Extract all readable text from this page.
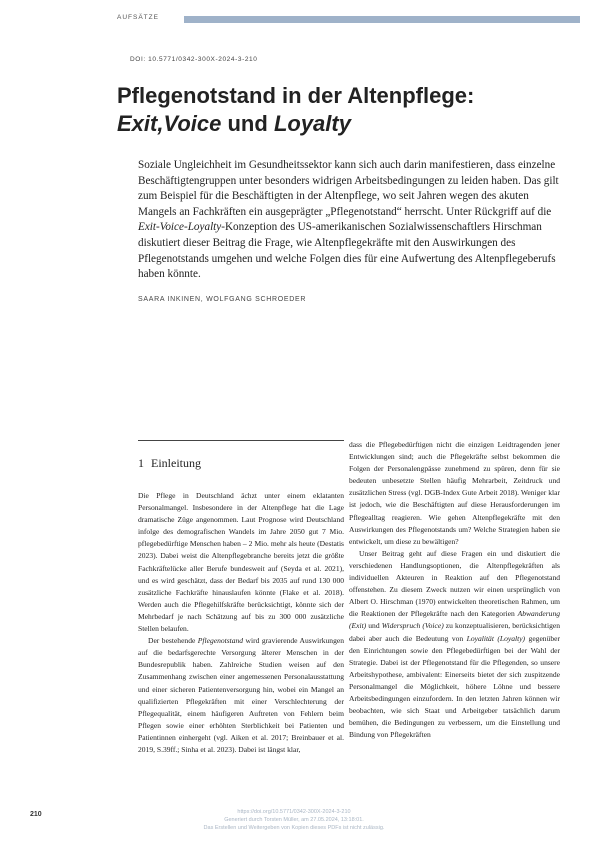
AUFSÄTZE
DOI: 10.5771/0342-300X-2024-3-210
Pflegenotstand in der Altenpflege:
Exit,Voice und Loyalty

Soziale Ungleichheit im Gesundheitssektor kann sich auch darin manifestieren, dass einzelne Beschäftigtengruppen unter besonders widrigen Arbeitsbedingungen zu leiden haben. Das gilt zum Beispiel für die Beschäftigten in der Altenpflege, wo seit Jahren wegen des akuten Mangels an Fachkräften ein ausgeprägter „Pflegenotstand“ herrscht. Unter Rückgriff auf die Exit-Voice-Loyalty-Konzeption des US-amerikanischen Sozialwissenschaftlers Hirschman diskutiert dieser Beitrag die Frage, wie Altenpflegekräfte mit den Auswirkungen des Pflegenotstands umgehen und welche Folgen dies für eine Aufwertung des Altenpflegeberufs haben könnte.

SAARA INKINEN, WOLFGANG SCHROEDER
1 Einleitung

Die Pflege in Deutschland ächzt unter einem eklatanten Personalmangel. Insbesondere in der Altenpflege hat die Lage dramatische Züge angenommen. Laut Prognose wird Deutschland infolge des demografischen Wandels im Jahre 2050 gut 7 Mio. pflegebedürftige Menschen haben – 2 Mio. mehr als heute (Destatis 2023). Dabei weist die Altenpflegebranche bereits jetzt die größte Fachkräftelücke aller Berufe bundesweit auf (Seyda et al. 2021), und es wird geschätzt, dass der Bedarf bis 2035 auf rund 130 000 zusätzliche Fachkräfte hinauslaufen könnte (Flake et al. 2018). Werden auch die Pflegehilfskräfte berücksichtigt, könnte sich der Mehrbedarf je nach Schätzung auf bis zu 300 000 zusätzliche Stellen belaufen.

Der bestehende Pflegenotstand wird gravierende Auswirkungen auf die bedarfsgerechte Versorgung älterer Menschen in der Bundesrepublik haben. Zahlreiche Studien weisen auf den Zusammenhang zwischen einer angemessenen Personalausstattung und einer sicheren Patientenversorgung hin, wobei ein Mangel an qualifizierten Pflegekräften mit einer Verschlechterung der Pflegequalität, einem häufigeren Auftreten von Fehlern beim Pflegen sowie einer erhöhten Sterblichkeit bei Patienten und Patientinnen einhergeht (vgl. Aiken et al. 2017; Breinbauer et al. 2019, S.39ff.; Sinha et al. 2023). Dabei ist längst klar,

dass die Pflegebedürftigen nicht die einzigen Leidtragenden jener Entwicklungen sind; auch die Pflegekräfte selbst bekommen die Folgen der Personalengpässe zunehmend zu spüren, denn für sie bedeuten unbesetzte Stellen häufig Mehrarbeit, Zeitdruck und zusätzlichen Stress (vgl. DGB-Index Gute Arbeit 2018). Weniger klar ist jedoch, wie die Beschäftigten auf diese Herausforderungen im Pflegealltag reagieren. Wie gehen Altenpflegekräfte mit den Auswirkungen des Pflegenotstands um? Welche Strategien haben sie entwickelt, um diese zu bewältigen?

Unser Beitrag geht auf diese Fragen ein und diskutiert die verschiedenen Handlungsoptionen, die Altenpflegekräften als individuellen Akteuren in Reaktion auf den Pflegenotstand offenstehen. Zu diesem Zweck nutzen wir einen ursprünglich von Albert O. Hirschman (1970) entwickelten theoretischen Rahmen, um die Reaktionen der Pflegekräfte nach den Kategorien Abwanderung (Exit) und Widerspruch (Voice) zu konzeptualisieren, berücksichtigen dabei aber auch die Bedeutung von Loyalität (Loyalty) gegenüber den Einrichtungen sowie den Pflegebedürftigen bei der Wahl der Strategie. Dabei ist der Pflegenotstand für die Pflegenden, so unsere Arbeitshypothese, ambivalent: Einerseits bietet der sich zuspitzende Personalmangel die Möglichkeit, höhere Löhne und bessere Arbeitsbedingungen einzufordern. In den letzten Jahren können wir beobachten, wie sich Staat und Arbeitgeber tatsächlich darum bemühen, die Bedingungen zu verbessern, um die Einstellung und Bindung von Pflegekräften

210	https://doi.org/10.5771/0342-300X-2024-3-210
Generiert durch Torsten Müller, am 27.05.2024, 13:18:01.
Das Erstellen und Weitergeben von Kopien dieses PDFs ist nicht zulässig.
